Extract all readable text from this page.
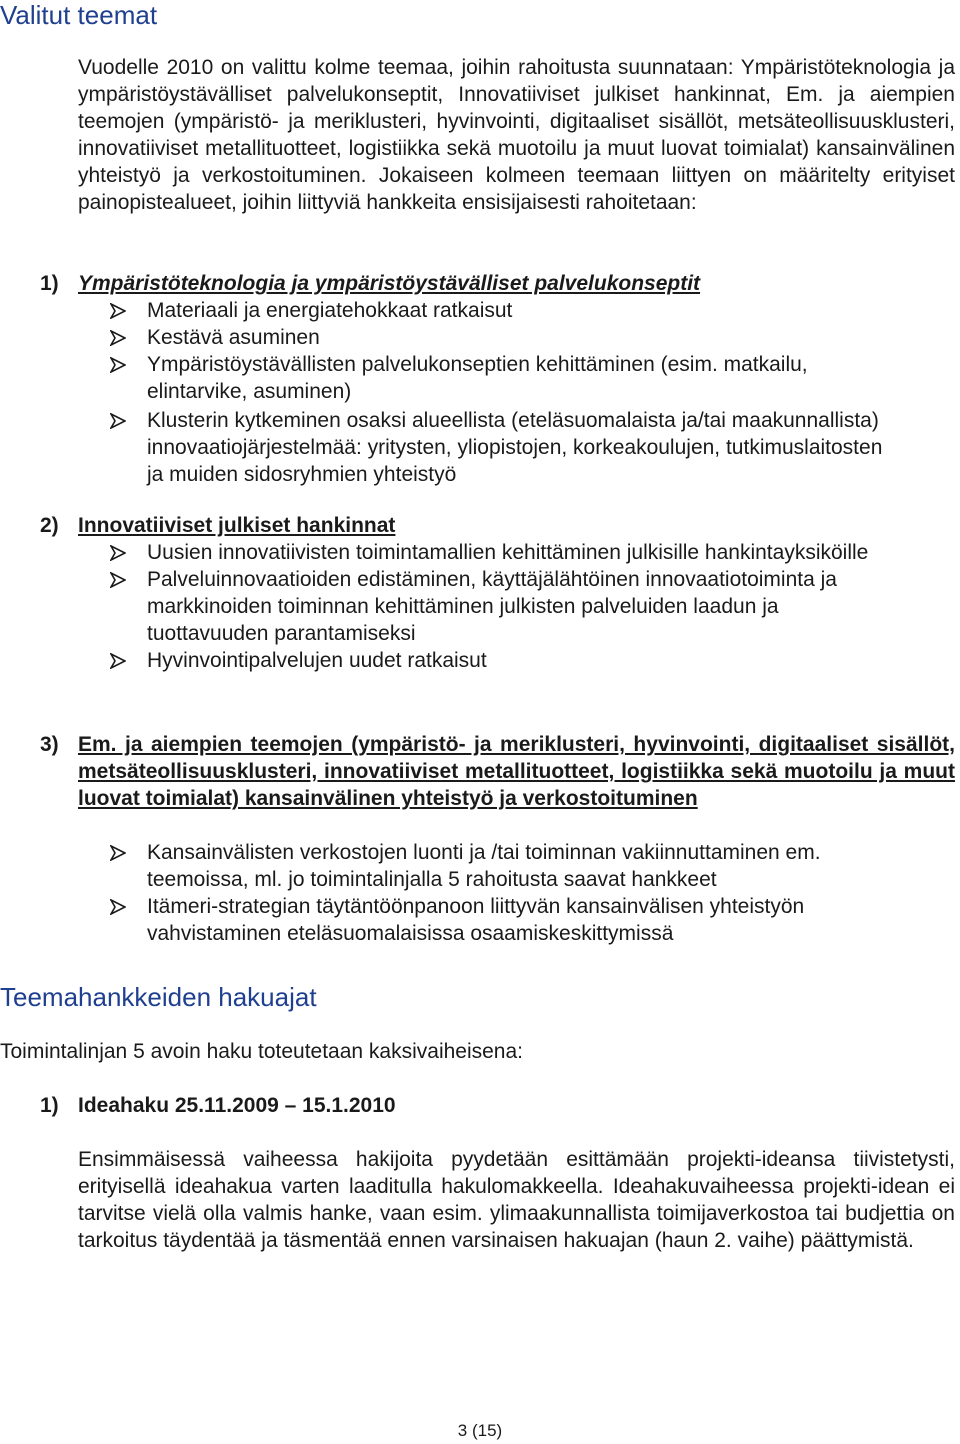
Valitut teemat

Vuodelle 2010 on valittu kolme teemaa, joihin rahoitusta suunnataan: Ympäristöteknologia ja ympäristöystävälliset palvelukonseptit, Innovatiiviset julkiset hankinnat, Em. ja aiempien teemojen (ympäristö- ja meriklusteri, hyvinvointi, digitaaliset sisällöt, metsäteollisuusklusteri, innovatiiviset metallituotteet, logistiikka sekä muotoilu ja muut luovat toimialat) kansainvälinen yhteistyö ja verkostoituminen. Jokaiseen kolmeen teemaan liittyen on määritelty erityiset painopistealueet, joihin liittyviä hankkeita ensisijaisesti rahoitetaan:

1) Ympäristöteknologia ja ympäristöystävälliset palvelukonseptit

Materiaali ja energiatehokkaat ratkaisut
Kestävä asuminen
Ympäristöystävällisten palvelukonseptien kehittäminen (esim. matkailu, elintarvike, asuminen)
Klusterin kytkeminen osaksi alueellista (eteläsuomalaista ja/tai maakunnallista) innovaatiojärjestelmää: yritysten, yliopistojen, korkeakoulujen, tutkimuslaitosten ja muiden sidosryhmien yhteistyö

2) Innovatiiviset julkiset hankinnat

Uusien innovatiivisten toimintamallien kehittäminen julkisille hankintayksiköille
Palveluinnovaatioiden edistäminen, käyttäjälähtöinen innovaatiotoiminta ja markkinoiden toiminnan kehittäminen julkisten palveluiden laadun ja tuottavuuden parantamiseksi
Hyvinvointipalvelujen uudet ratkaisut

3) Em. ja aiempien teemojen (ympäristö- ja meriklusteri, hyvinvointi, digitaaliset sisällöt, metsäteollisuusklusteri, innovatiiviset metallituotteet, logistiikka sekä muotoilu ja muut luovat toimialat) kansainvälinen yhteistyö ja verkostoituminen

Kansainvälisten verkostojen luonti ja /tai toiminnan vakiinnuttaminen em. teemoissa, ml. jo toimintalinjalla 5 rahoitusta saavat hankkeet
Itämeri-strategian täytäntöönpanoon liittyvän kansainvälisen yhteistyön vahvistaminen eteläsuomalaisissa osaamiskeskittymissä
Teemahankkeiden hakuajat

Toimintalinjan 5 avoin haku toteutetaan kaksivaiheisena:

1) Ideahaku 25.11.2009 – 15.1.2010

Ensimmäisessä vaiheessa hakijoita pyydetään esittämään projekti-ideansa tiivistetysti, erityisellä ideahakua varten laaditulla hakulomakkeella. Ideahakuvaiheessa projekti-idean ei tarvitse vielä olla valmis hanke, vaan esim. ylimaakunnallista toimijaverkostoa tai budjettia on tarkoitus täydentää ja täsmentää ennen varsinaisen hakuajan (haun 2. vaihe) päättymistä.

3 (15)
